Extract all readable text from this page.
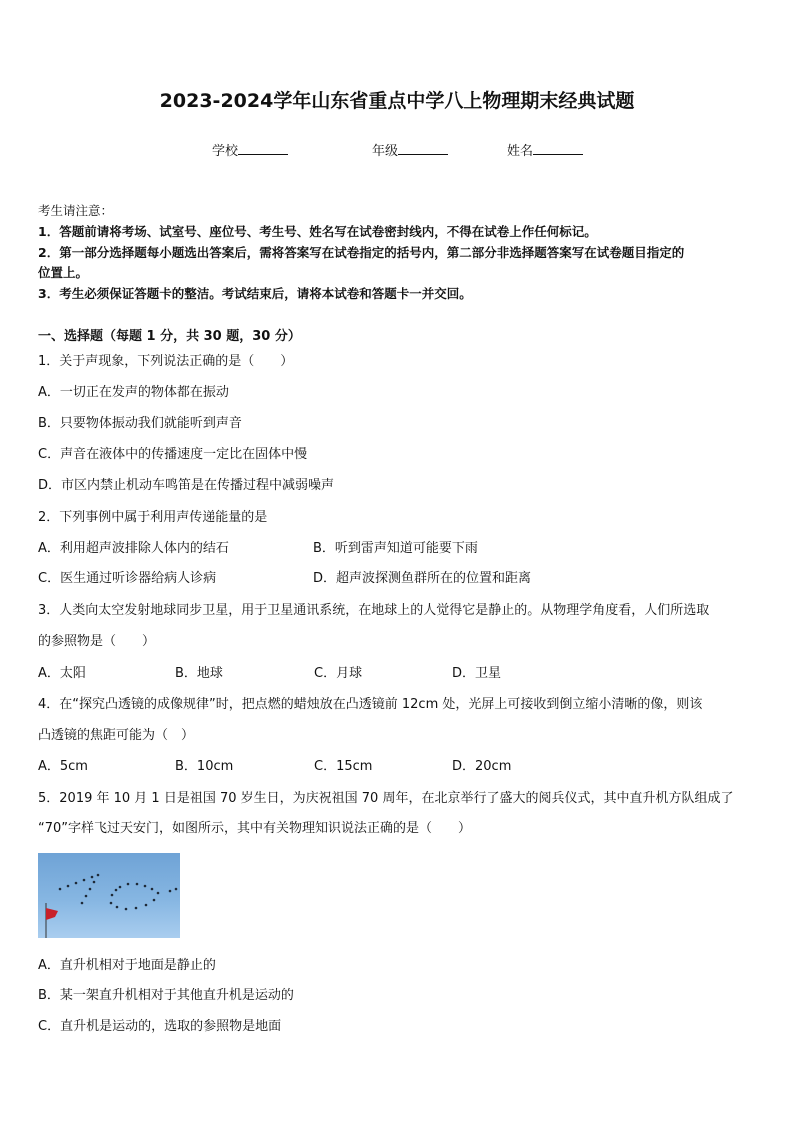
2023-2024学年山东省重点中学八上物理期末经典试题
学校	年级	姓名
考生请注意：
1．答题前请将考场、试室号、座位号、考生号、姓名写在试卷密封线内，不得在试卷上作任何标记。
2．第一部分选择题每小题选出答案后，需将答案写在试卷指定的括号内，第二部分非选择题答案写在试卷题目指定的
位置上。
3．考生必须保证答题卡的整洁。考试结束后，请将本试卷和答题卡一并交回。
一、选择题（每题 1 分，共 30 题，30 分）
1．关于声现象，下列说法正确的是（　　）
A．一切正在发声的物体都在振动
B．只要物体振动我们就能听到声音
C．声音在液体中的传播速度一定比在固体中慢
D．市区内禁止机动车鸣笛是在传播过程中减弱噪声
2．下列事例中属于利用声传递能量的是
A．利用超声波排除人体内的结石	B．听到雷声知道可能要下雨
C．医生通过听诊器给病人诊病	D．超声波探测鱼群所在的位置和距离
3．人类向太空发射地球同步卫星，用于卫星通讯系统，在地球上的人觉得它是静止的。从物理学角度看，人们所选取
的参照物是（　　）
A．太阳	B．地球	C．月球	D．卫星
4．在“探究凸透镜的成像规律”时，把点燃的蜡烛放在凸透镜前 12cm 处，光屏上可接收到倒立缩小清晰的像，则该
凸透镜的焦距可能为（　）
A．5cm	B．10cm	C．15cm	D．20cm
5．2019 年 10 月 1 日是祖国 70 岁生日，为庆祝祖国 70 周年，在北京举行了盛大的阅兵仪式，其中直升机方队组成了
“70”字样飞过天安门，如图所示，其中有关物理知识说法正确的是（　　）
A．直升机相对于地面是静止的
B．某一架直升机相对于其他直升机是运动的
C．直升机是运动的，选取的参照物是地面
